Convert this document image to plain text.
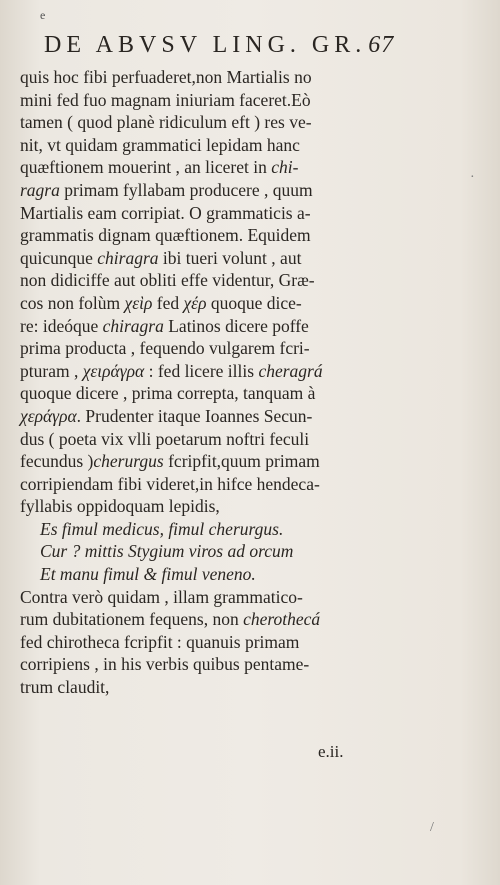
e
DE ABVSV LING. GR.67
quis hoc fibi perfuaderet,non Martialis no
mini fed fuo magnam iniuriam faceret.Eò
tamen ( quod planè ridiculum eft ) res ve-
nit, vt quidam grammatici lepidam hanc
quæftionem mouerint , an liceret in chi-
ragra primam fyllabam producere , quum
Martialis eam corripiat. O grammaticis a-
grammatis dignam quæftionem. Equidem
quicunque chiragra ibi tueri volunt , aut
non didiciffe aut obliti effe videntur, Græ-
cos non folùm χεὶρ fed χέρ quoque dice-
re: ideóque chiragra Latinos dicere poffe
prima producta , fequendo vulgarem fcri-
pturam , χειράγρα : fed licere illis cheragrá
quoque dicere , prima correpta, tanquam à
χεράγρα. Prudenter itaque Ioannes Secun-
dus ( poeta vix vlli poetarum noftri feculi
fecundus )cherurgus fcripfit,quum primam
corripiendam fibi videret,in hifce hendeca-
fyllabis oppidoquam lepidis,
Es fimul medicus, fimul cherurgus.
Cur ? mittis Stygium viros ad orcum
Et manu fimul & fimul veneno.
Contra verò quidam , illam grammatico-
rum dubitationem fequens, non cherothecá
fed chirotheca fcripfit : quanuis primam
corripiens , in his verbis quibus pentame-
trum claudit,
e.ii.
·
/
